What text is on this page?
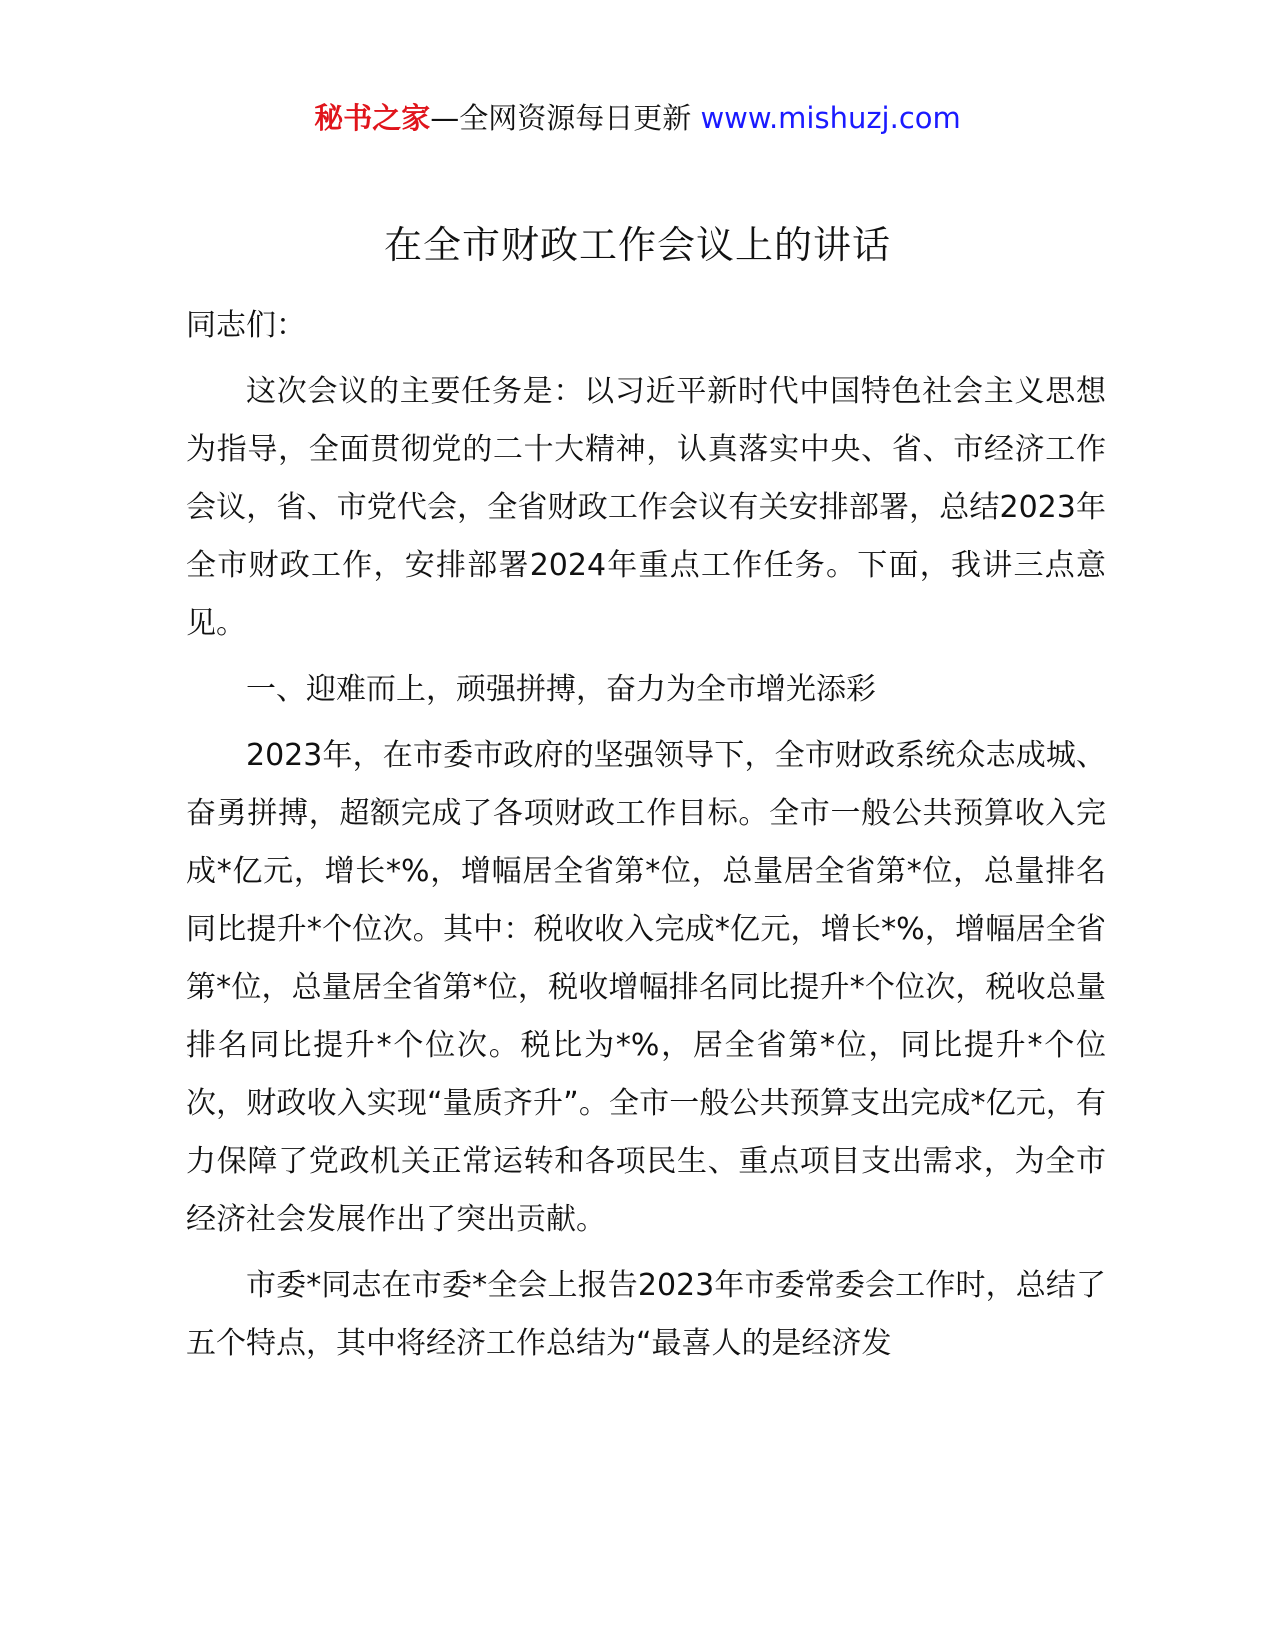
秘书之家—全网资源每日更新 www.mishuzj.com
在全市财政工作会议上的讲话

同志们：

这次会议的主要任务是：以习近平新时代中国特色社会主义思想为指导，全面贯彻党的二十大精神，认真落实中央、省、市经济工作会议，省、市党代会，全省财政工作会议有关安排部署，总结2023年全市财政工作，安排部署2024年重点工作任务。下面，我讲三点意见。

一、迎难而上，顽强拼搏，奋力为全市增光添彩

2023年，在市委市政府的坚强领导下，全市财政系统众志成城、奋勇拼搏，超额完成了各项财政工作目标。全市一般公共预算收入完成*亿元，增长*%，增幅居全省第*位，总量居全省第*位，总量排名同比提升*个位次。其中：税收收入完成*亿元，增长*%，增幅居全省第*位，总量居全省第*位，税收增幅排名同比提升*个位次，税收总量排名同比提升*个位次。税比为*%，居全省第*位，同比提升*个位次，财政收入实现“量质齐升”。全市一般公共预算支出完成*亿元，有力保障了党政机关正常运转和各项民生、重点项目支出需求，为全市经济社会发展作出了突出贡献。

市委*同志在市委*全会上报告2023年市委常委会工作时，总结了五个特点，其中将经济工作总结为“最喜人的是经济发
